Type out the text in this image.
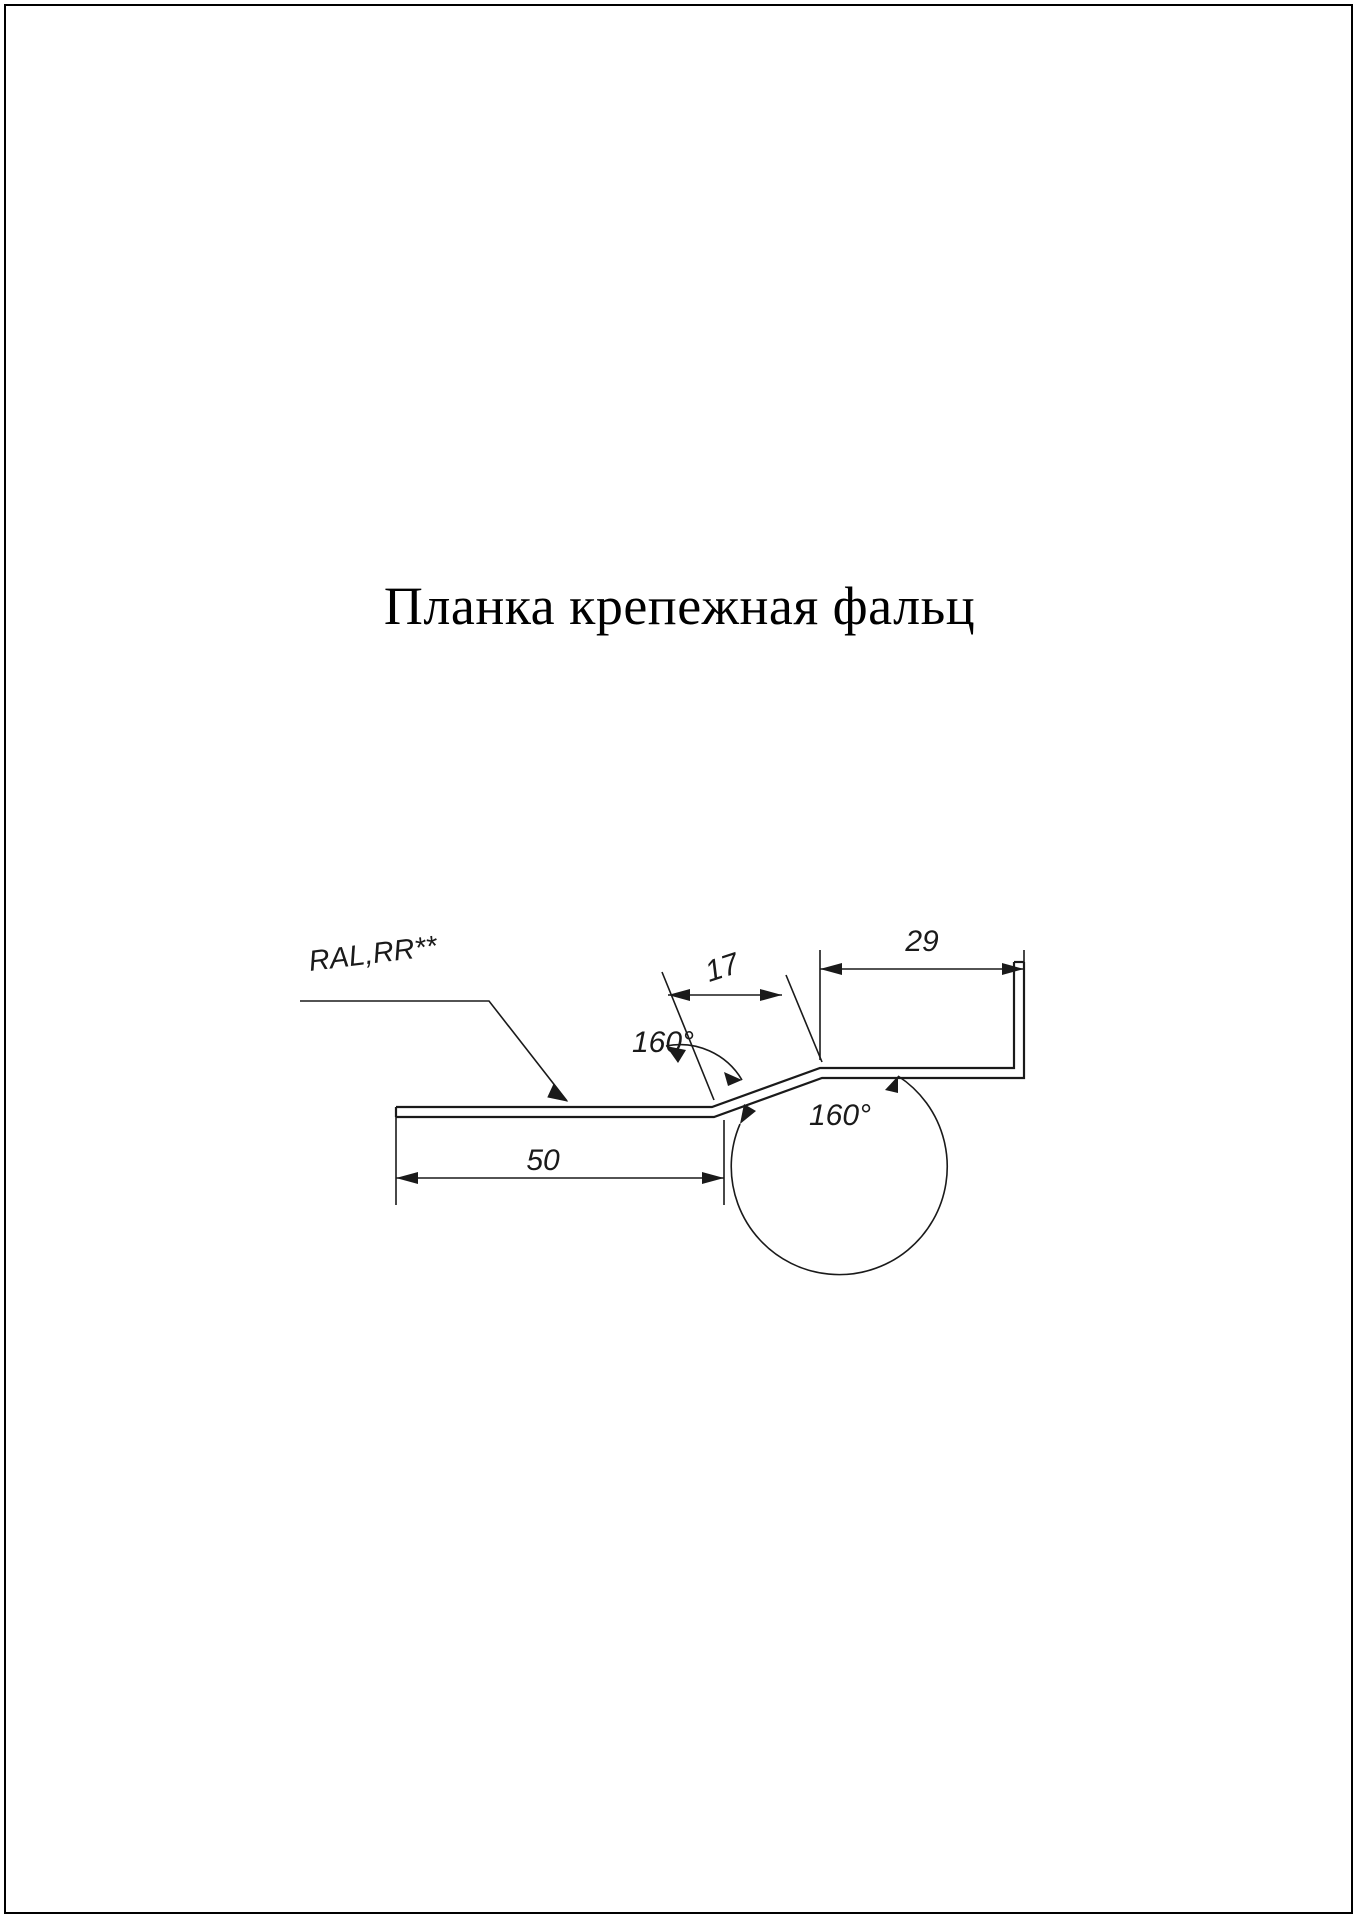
Планка крепежная фальц
RAL,RR**
50
17
29
160°
160°
